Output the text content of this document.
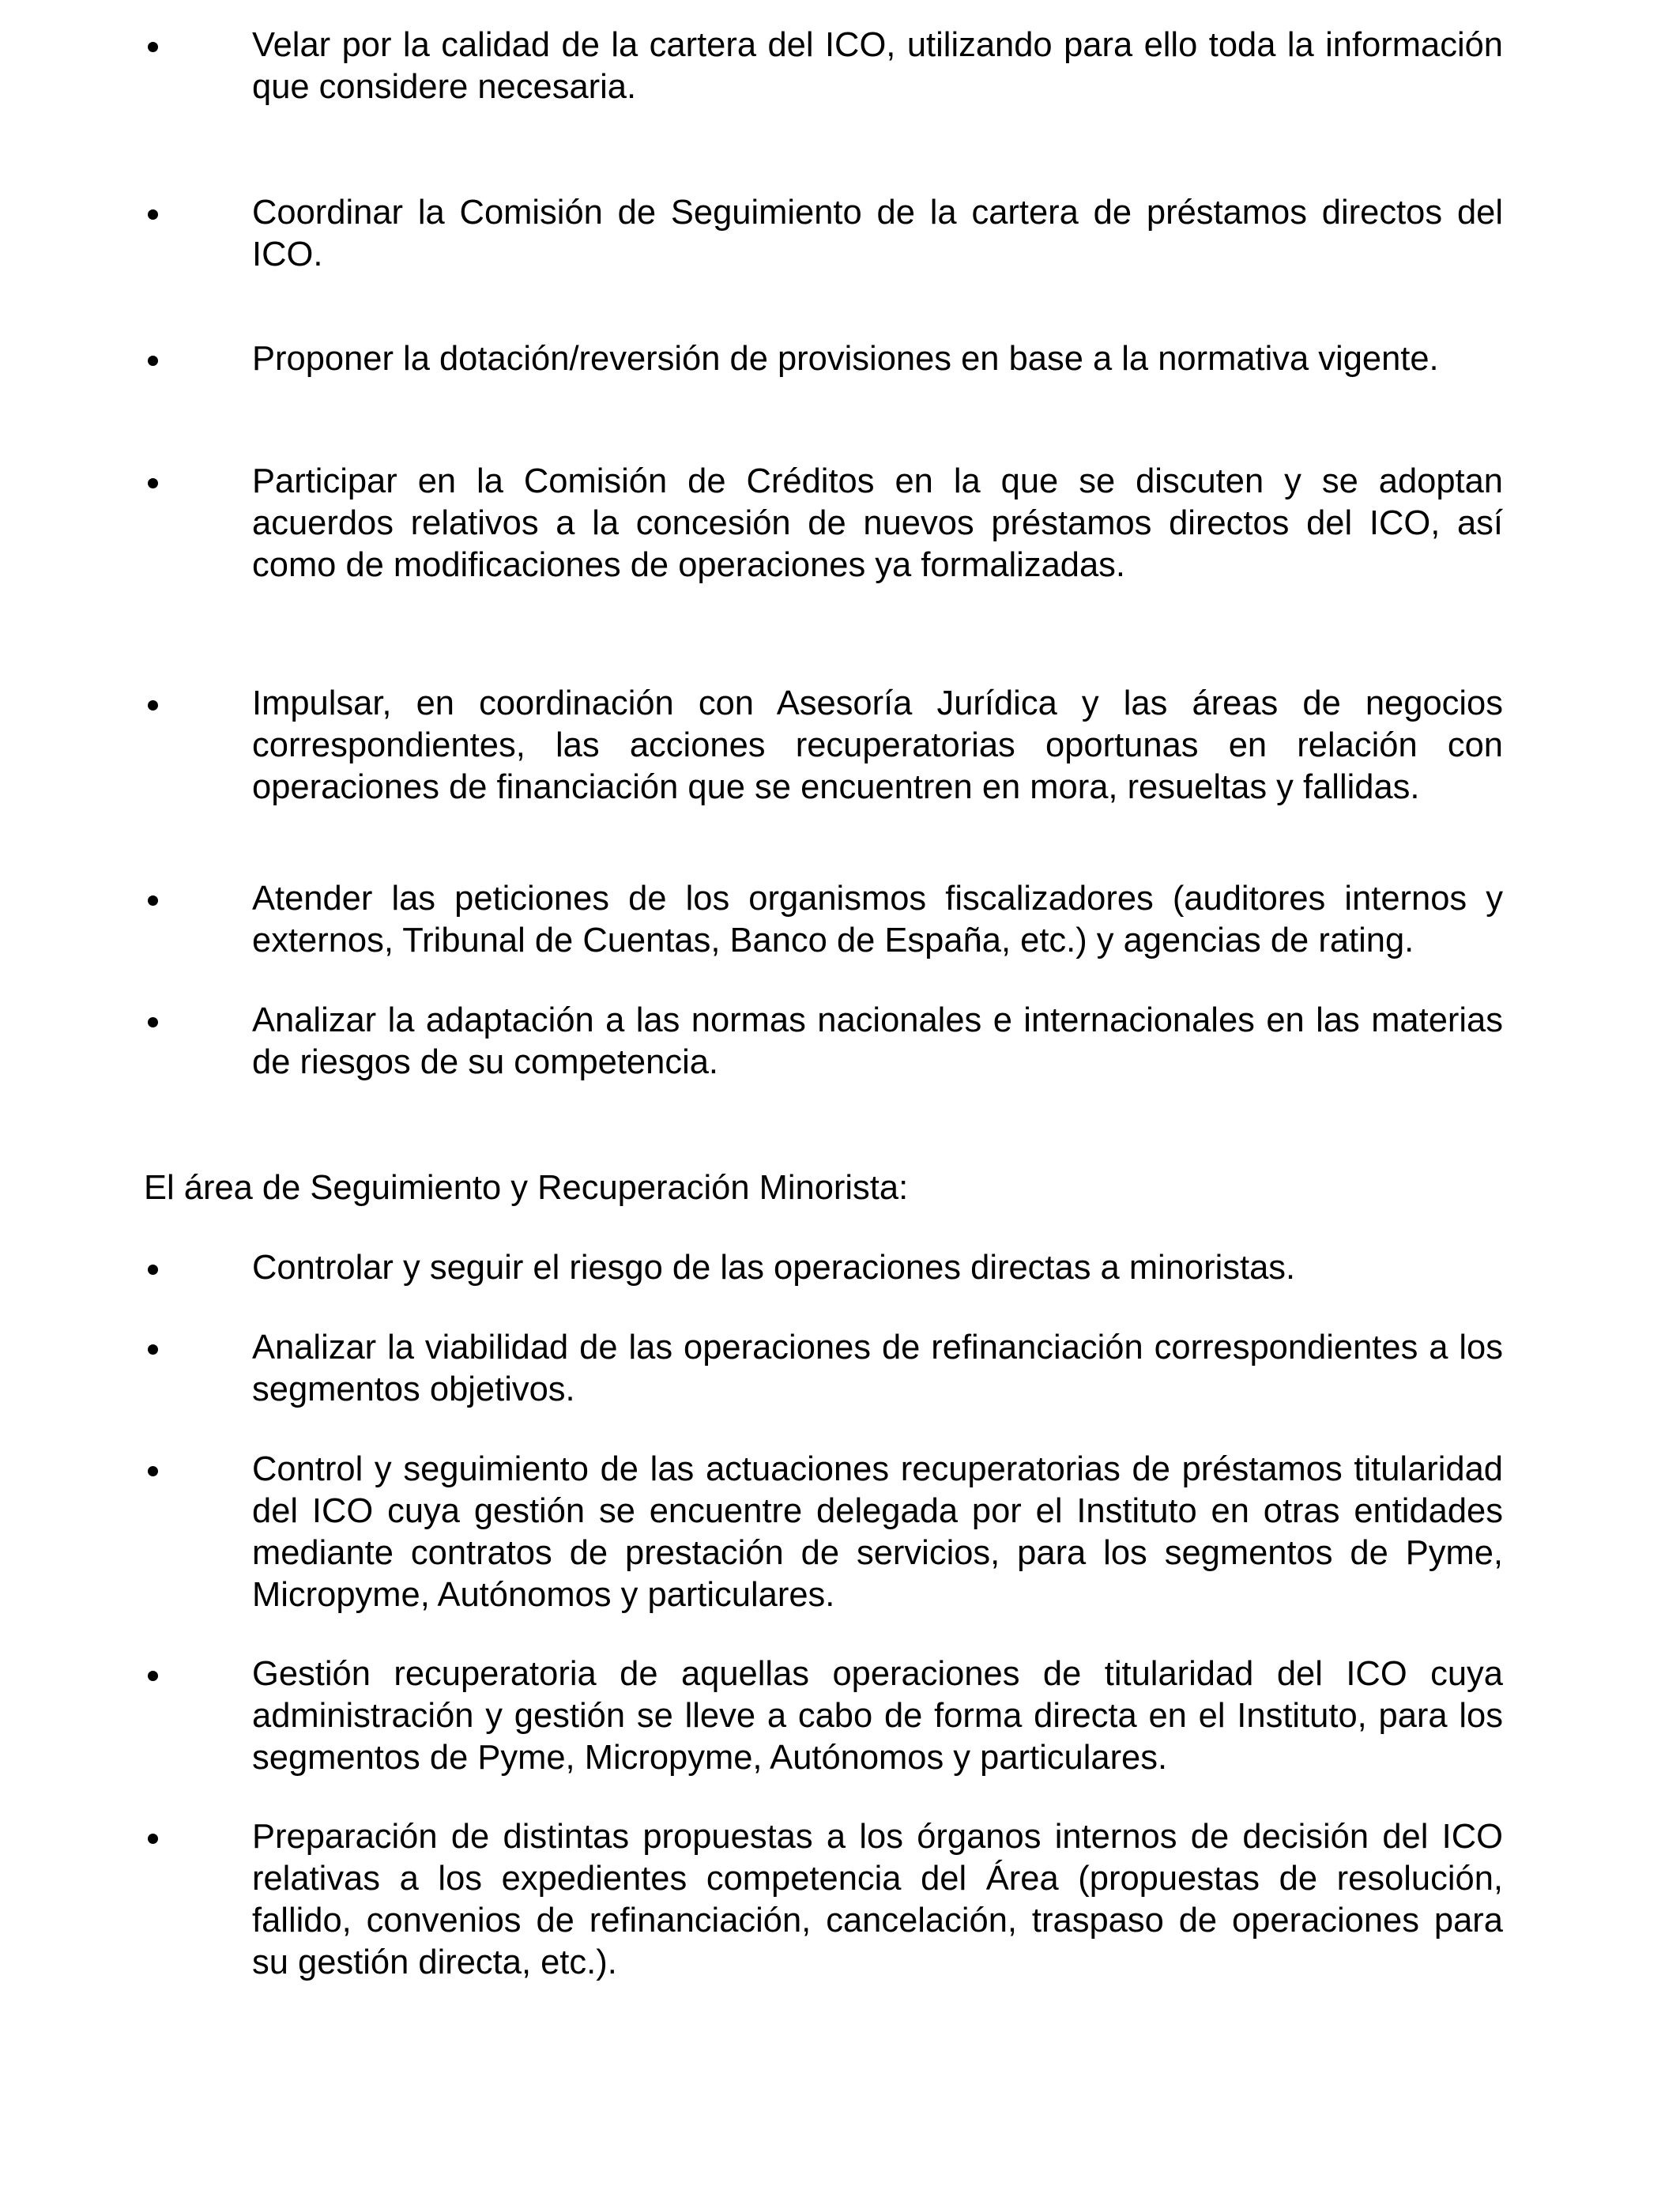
Velar por la calidad de la cartera del ICO, utilizando para ello toda la información que considere necesaria.
Coordinar la Comisión de Seguimiento de la cartera de préstamos directos del ICO.
Proponer la dotación/reversión de provisiones en base a la normativa vigente.
Participar en la Comisión de Créditos en la que se discuten y se adoptan acuerdos relativos a la concesión de nuevos préstamos directos del ICO, así como de modificaciones de operaciones ya formalizadas.
Impulsar, en coordinación con Asesoría Jurídica y las áreas de negocios correspondientes, las acciones recuperatorias oportunas en relación con operaciones de financiación que se encuentren en mora, resueltas y fallidas.
Atender las peticiones de los organismos fiscalizadores (auditores internos y externos, Tribunal de Cuentas, Banco de España, etc.) y agencias de rating.
Analizar la adaptación a las normas nacionales e internacionales en las materias de riesgos de su competencia.
El área de Seguimiento y Recuperación Minorista:
Controlar y seguir el riesgo de las operaciones directas a minoristas.
Analizar la viabilidad de las operaciones de refinanciación correspondientes a los segmentos objetivos.
Control y seguimiento de las actuaciones recuperatorias de préstamos titularidad del ICO cuya gestión se encuentre delegada por el Instituto en otras entidades mediante contratos de prestación de servicios, para los segmentos de Pyme, Micropyme, Autónomos y particulares.
Gestión recuperatoria de aquellas operaciones de titularidad del ICO cuya administración y gestión se lleve a cabo de forma directa en el Instituto, para los segmentos de Pyme, Micropyme, Autónomos y particulares.
Preparación de distintas propuestas a los órganos internos de decisión del ICO relativas a los expedientes competencia del Área (propuestas de resolución, fallido, convenios de refinanciación, cancelación, traspaso de operaciones para su gestión directa, etc.).
